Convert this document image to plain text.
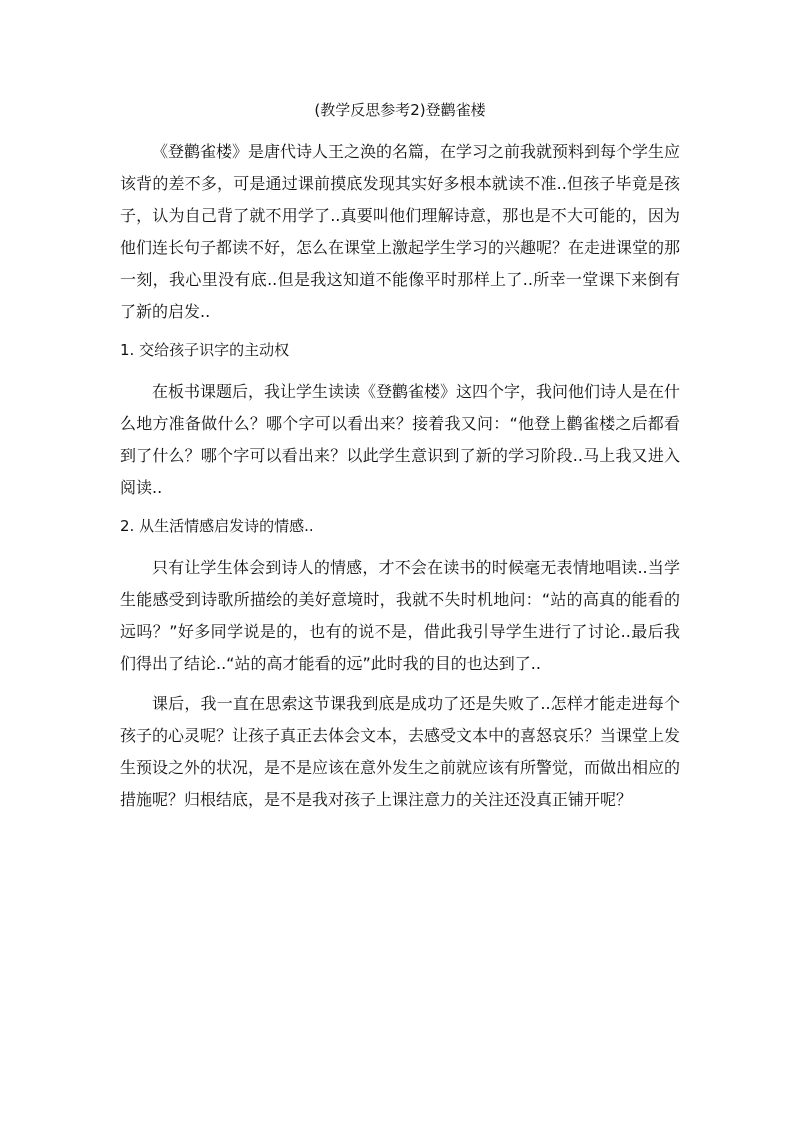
(教学反思参考2)登鹳雀楼

《登鹳雀楼》是唐代诗人王之涣的名篇，在学习之前我就预料到每个学生应该背的差不多，可是通过课前摸底发现其实好多根本就读不准..但孩子毕竟是孩子，认为自己背了就不用学了..真要叫他们理解诗意，那也是不大可能的，因为他们连长句子都读不好，怎么在课堂上激起学生学习的兴趣呢？在走进课堂的那一刻，我心里没有底..但是我这知道不能像平时那样上了..所幸一堂课下来倒有了新的启发..

1. 交给孩子识字的主动权

在板书课题后，我让学生读读《登鹳雀楼》这四个字，我问他们诗人是在什么地方准备做什么？哪个字可以看出来？接着我又问：“他登上鹳雀楼之后都看到了什么？哪个字可以看出来？以此学生意识到了新的学习阶段..马上我又进入阅读..

2. 从生活情感启发诗的情感..

只有让学生体会到诗人的情感，才不会在读书的时候毫无表情地唱读..当学生能感受到诗歌所描绘的美好意境时，我就不失时机地问：“站的高真的能看的远吗？”好多同学说是的，也有的说不是，借此我引导学生进行了讨论..最后我们得出了结论..“站的高才能看的远”此时我的目的也达到了..

课后，我一直在思索这节课我到底是成功了还是失败了..怎样才能走进每个孩子的心灵呢？让孩子真正去体会文本，去感受文本中的喜怒哀乐？当课堂上发生预设之外的状况，是不是应该在意外发生之前就应该有所警觉，而做出相应的措施呢？归根结底，是不是我对孩子上课注意力的关注还没真正铺开呢？
